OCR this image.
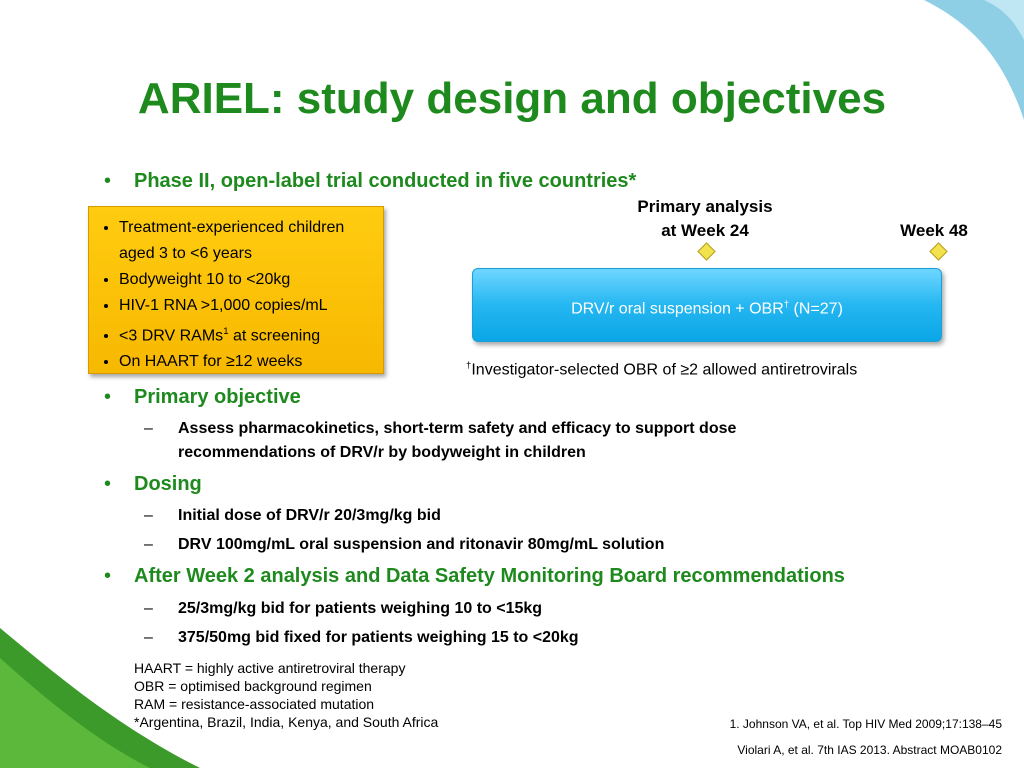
ARIEL: study design and objectives
• Phase II, open-label trial conducted in five countries*
• Treatment-experienced children aged 3 to <6 years
• Bodyweight 10 to <20kg
• HIV-1 RNA >1,000 copies/mL
• <3 DRV RAMs$^1$ at screening
• On HAART for ≥12 weeks
Primary analysis
at Week 24	Week 48
DRV/r oral suspension + OBR† (N=27)
†Investigator-selected OBR of ≥2 allowed antiretrovirals
• Primary objective
– Assess pharmacokinetics, short-term safety and efficacy to support dose recommendations of DRV/r by bodyweight in children
• Dosing
– Initial dose of DRV/r 20/3mg/kg bid
– DRV 100mg/mL oral suspension and ritonavir 80mg/mL solution
• After Week 2 analysis and Data Safety Monitoring Board recommendations
– 25/3mg/kg bid for patients weighing 10 to <15kg
– 375/50mg bid fixed for patients weighing 15 to <20kg
HAART = highly active antiretroviral therapy
OBR = optimised background regimen
RAM = resistance-associated mutation
*Argentina, Brazil, India, Kenya, and South Africa	1. Johnson VA, et al. Top HIV Med 2009;17:138–45
Violari A, et al. 7th IAS 2013. Abstract MOAB0102
